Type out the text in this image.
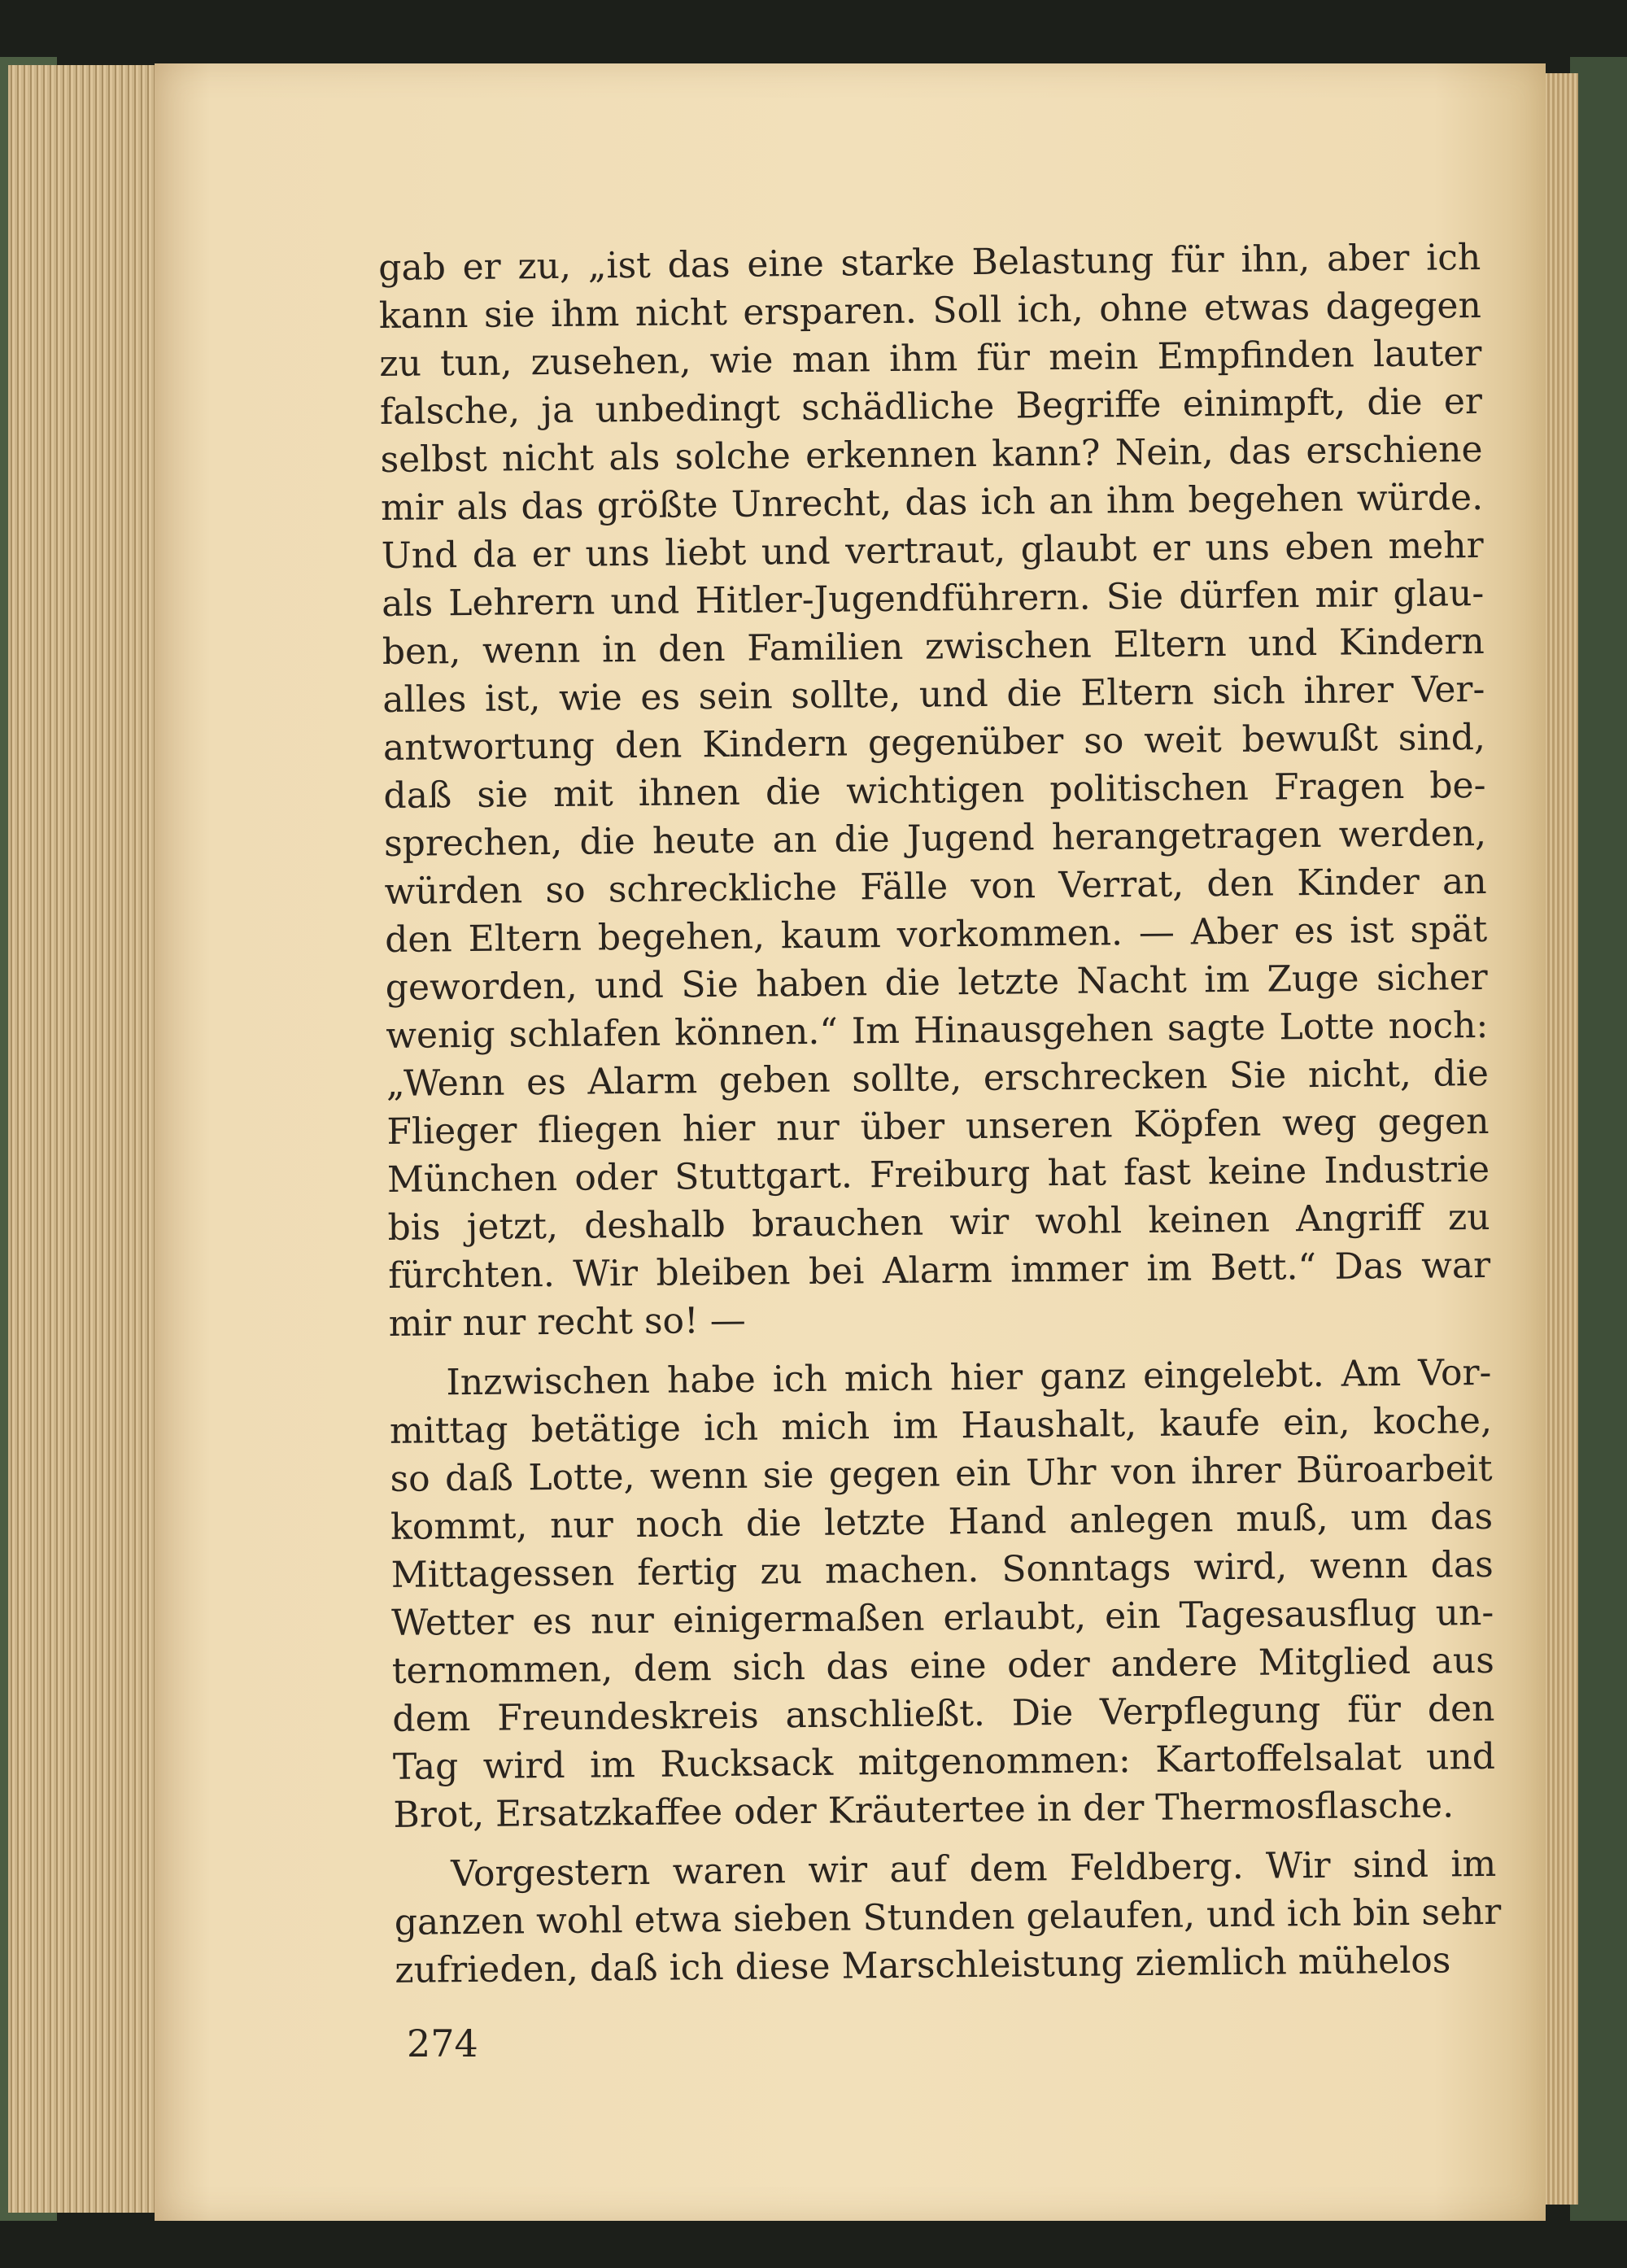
gab er zu, „ist das eine starke Belastung für ihn, aber ich
kann sie ihm nicht ersparen. Soll ich, ohne etwas dagegen
zu tun, zusehen, wie man ihm für mein Empfinden lauter
falsche, ja unbedingt schädliche Begriffe einimpft, die er
selbst nicht als solche erkennen kann? Nein, das erschiene
mir als das größte Unrecht, das ich an ihm begehen würde.
Und da er uns liebt und vertraut, glaubt er uns eben mehr
als Lehrern und Hitler-Jugendführern. Sie dürfen mir glau-
ben, wenn in den Familien zwischen Eltern und Kindern
alles ist, wie es sein sollte, und die Eltern sich ihrer Ver-
antwortung den Kindern gegenüber so weit bewußt sind,
daß sie mit ihnen die wichtigen politischen Fragen be-
sprechen, die heute an die Jugend herangetragen werden,
würden so schreckliche Fälle von Verrat, den Kinder an
den Eltern begehen, kaum vorkommen. — Aber es ist spät
geworden, und Sie haben die letzte Nacht im Zuge sicher
wenig schlafen können.“ Im Hinausgehen sagte Lotte noch:
„Wenn es Alarm geben sollte, erschrecken Sie nicht, die
Flieger fliegen hier nur über unseren Köpfen weg gegen
München oder Stuttgart. Freiburg hat fast keine Industrie
bis jetzt, deshalb brauchen wir wohl keinen Angriff zu
fürchten. Wir bleiben bei Alarm immer im Bett.“ Das war
mir nur recht so! —
Inzwischen habe ich mich hier ganz eingelebt. Am Vor-
mittag betätige ich mich im Haushalt, kaufe ein, koche,
so daß Lotte, wenn sie gegen ein Uhr von ihrer Büroarbeit
kommt, nur noch die letzte Hand anlegen muß, um das
Mittagessen fertig zu machen. Sonntags wird, wenn das
Wetter es nur einigermaßen erlaubt, ein Tagesausflug un-
ternommen, dem sich das eine oder andere Mitglied aus
dem Freundeskreis anschließt. Die Verpflegung für den
Tag wird im Rucksack mitgenommen: Kartoffelsalat und
Brot, Ersatzkaffee oder Kräutertee in der Thermosflasche.
Vorgestern waren wir auf dem Feldberg. Wir sind im
ganzen wohl etwa sieben Stunden gelaufen, und ich bin sehr
zufrieden, daß ich diese Marschleistung ziemlich mühelos
274
